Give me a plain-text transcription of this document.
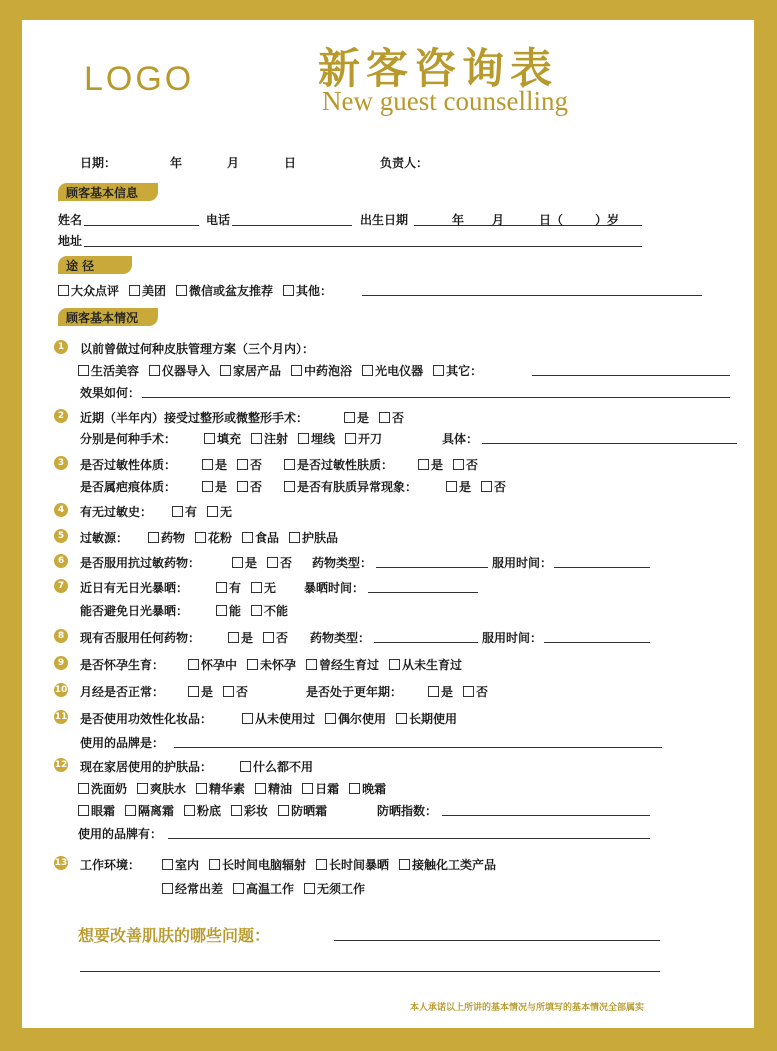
LOGO	新客咨询表
New guest counselling
日期：	年	月	日	负责人：
顾客基本信息
姓名	电话	出生日期	年 月	日（	）岁
地址
途 径
大众点评 美团 微信或盆友推荐 其他：
顾客基本情况
1	以前曾做过何种皮肤管理方案（三个月内）：
生活美容 仪器导入 家居产品 中药泡浴 光电仪器 其它：
效果如何：
2	近期（半年内）接受过整形或微整形手术：	是 否
分别是何种手术：	填充 注射 埋线 开刀	具体：
3	是否过敏性体质：	是 否	是否过敏性肤质：	是 否
是否属疤痕体质：	是 否	是否有肤质异常现象：	是 否
4	有无过敏史：	有 无
5	过敏源：	药物 花粉 食品 护肤品
6	是否服用抗过敏药物：	是 否	药物类型：	服用时间：
7	近日有无日光暴晒：	有 无	暴晒时间：
能否避免日光暴晒：	能 不能
8	现有否服用任何药物：	是 否	药物类型：	服用时间：
9	是否怀孕生育：	怀孕中 未怀孕 曾经生育过 从未生育过
10 月经是否正常：	是 否	是否处于更年期：	是 否
11 是否使用功效性化妆品：	从未使用过 偶尔使用 长期使用
使用的品牌是：
12 现在家居使用的护肤品：	什么都不用
洗面奶 爽肤水 精华素 精油 日霜 晚霜
眼霜 隔离霜 粉底 彩妆 防晒霜	防晒指数：
使用的品牌有：
13 工作环境：	室内 长时间电脑辐射 长时间暴晒 接触化工类产品
经常出差 高温工作 无须工作
想要改善肌肤的哪些问题：
本人承诺以上所讲的基本情况与所填写的基本情况全部属实
